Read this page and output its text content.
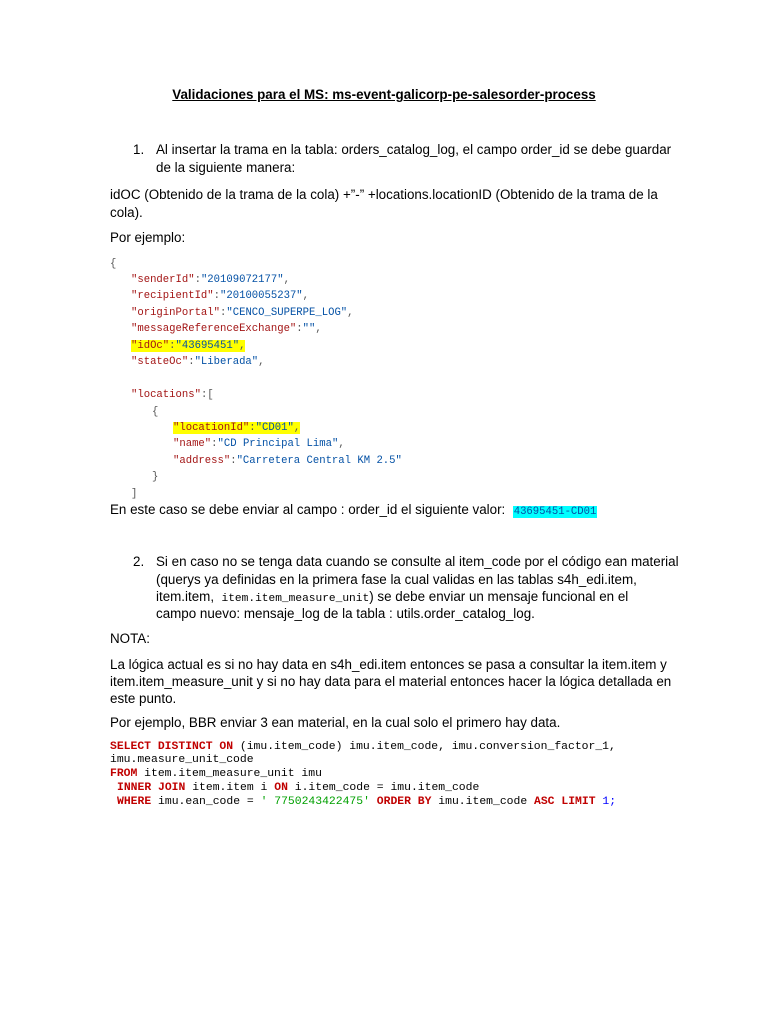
Validaciones para el MS: ms-event-galicorp-pe-salesorder-process
1. Al insertar la trama en la tabla: orders_catalog_log, el campo order_id se debe guardar
de la siguiente manera:
idOC (Obtenido de la trama de la cola) +”-” +locations.locationID (Obtenido de la trama de la
cola).
Por ejemplo:
{
"senderId":"20109072177",
"recipientId":"20100055237",
"originPortal":"CENCO_SUPERPE_LOG",
"messageReferenceExchange":"",
"idOc":"43695451",
"stateOc":"Liberada",
"locations":[
{
"locationId":"CD01",
"name":"CD Principal Lima",
"address":"Carretera Central KM 2.5"
}
]
En este caso se debe enviar al campo : order_id el siguiente valor: 43695451-CD01
2. Si en caso no se tenga data cuando se consulte al item_code por el código ean material
(querys ya definidas en la primera fase la cual validas en las tablas s4h_edi.item,
item.item, item.item_measure_unit) se debe enviar un mensaje funcional en el
campo nuevo: mensaje_log de la tabla : utils.order_catalog_log.
NOTA:
La lógica actual es si no hay data en s4h_edi.item entonces se pasa a consultar la item.item y
item.item_measure_unit y si no hay data para el material entonces hacer la lógica detallada en
este punto.
Por ejemplo, BBR enviar 3 ean material, en la cual solo el primero hay data.
SELECT DISTINCT ON (imu.item_code) imu.item_code, imu.conversion_factor_1,
imu.measure_unit_code
FROM item.item_measure_unit imu
INNER JOIN item.item i ON i.item_code = imu.item_code
WHERE imu.ean_code = ' 7750243422475' ORDER BY imu.item_code ASC LIMIT 1;
